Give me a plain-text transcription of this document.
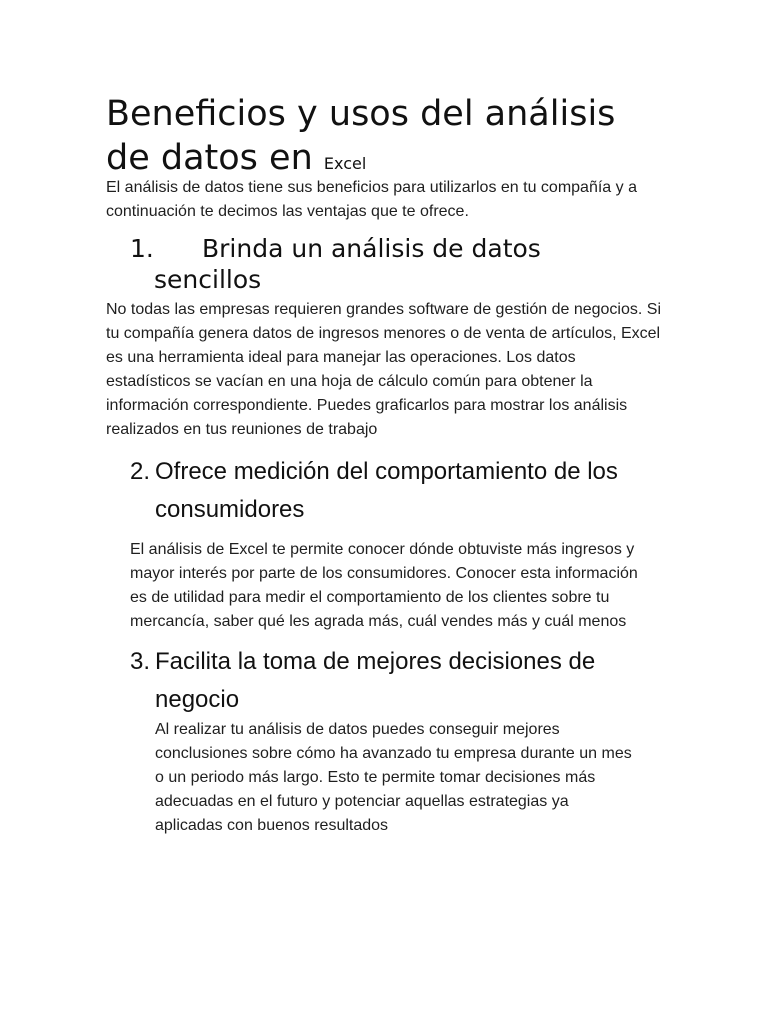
Beneficios y usos del análisis de datos en Excel

El análisis de datos tiene sus beneficios para utilizarlos en tu compañía y a continuación te decimos las ventajas que te ofrece.

1. Brinda un análisis de datos
sencillos

No todas las empresas requieren grandes software de gestión de negocios. Si tu compañía genera datos de ingresos menores o de venta de artículos, Excel es una herramienta ideal para manejar las operaciones. Los datos estadísticos se vacían en una hoja de cálculo común para obtener la información correspondiente. Puedes graficarlos para mostrar los análisis realizados en tus reuniones de trabajo

2. Ofrece medición del comportamiento de los consumidores

El análisis de Excel te permite conocer dónde obtuviste más ingresos y mayor interés por parte de los consumidores. Conocer esta información es de utilidad para medir el comportamiento de los clientes sobre tu mercancía, saber qué les agrada más, cuál vendes más y cuál menos

3. Facilita la toma de mejores decisiones de negocio

Al realizar tu análisis de datos puedes conseguir mejores conclusiones sobre cómo ha avanzado tu empresa durante un mes o un periodo más largo. Esto te permite tomar decisiones más adecuadas en el futuro y potenciar aquellas estrategias ya aplicadas con buenos resultados
